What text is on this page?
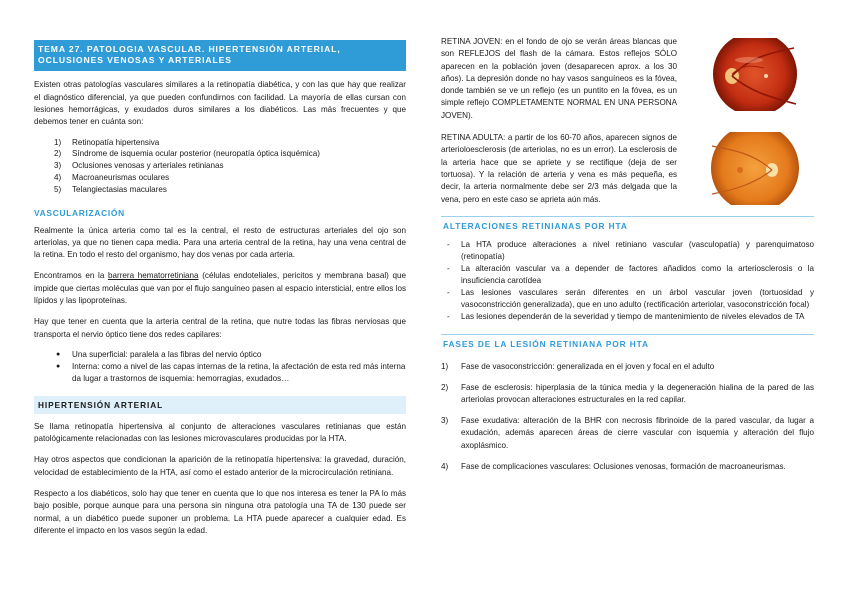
TEMA 27. PATOLOGIA VASCULAR. HIPERTENSIÓN ARTERIAL, OCLUSIONES VENOSAS Y ARTERIALES

Existen otras patologías vasculares similares a la retinopatía diabética, y con las que hay que realizar el diagnóstico diferencial, ya que pueden confundirnos con facilidad. La mayoría de ellas cursan con lesiones hemorrágicas, y exudados duros similares a los diabéticos. Las más frecuentes y que debemos tener en cuánta son:

1)	Retinopatía hipertensiva
2)	Síndrome de isquemia ocular posterior (neuropatía óptica isquémica)
3)	Oclusiones venosas y arteriales retinianas
4)	Macroaneurismas oculares
5)	Telangiectasias maculares
VASCULARIZACIÓN

Realmente la única arteria como tal es la central, el resto de estructuras arteriales del ojo son arteriolas, ya que no tienen capa media. Para una arteria central de la retina, hay una vena central de la retina. En todo el resto del organismo, hay dos venas por cada arteria.

Encontramos en la barrera hematorretiniana (células endoteliales, pericitos y membrana basal) que impide que ciertas moléculas que van por el flujo sanguíneo pasen al espacio intersticial, entre ellos los lípidos y las lipoproteínas.

Hay que tener en cuenta que la arteria central de la retina, que nutre todas las fibras nerviosas que transporta el nervio óptico tiene dos redes capilares:

●	Una superficial: paralela a las fibras del nervio óptico
●	Interna: como a nivel de las capas internas de la retina, la afectación de esta red más interna da lugar a trastornos de isquemia: hemorragias, exudados…
HIPERTENSIÓN ARTERIAL

Se llama retinopatía hipertensiva al conjunto de alteraciones vasculares retinianas que están patológicamente relacionadas con las lesiones microvasculares producidas por la HTA.

Hay otros aspectos que condicionan la aparición de la retinopatía hipertensiva: la gravedad, duración, velocidad de establecimiento de la HTA, así como el estado anterior de la microcirculación retiniana.

Respecto a los diabéticos, solo hay que tener en cuenta que lo que nos interesa es tener la PA lo más bajo posible, porque aunque para una persona sin ninguna otra patología una TA de 130 puede ser normal, a un diabético puede suponer un problema. La HTA puede aparecer a cualquier edad. Es diferente el impacto en los vasos según la edad.

RETINA JOVEN: en el fondo de ojo se verán áreas blancas que son REFLEJOS del flash de la cámara. Estos reflejos SÓLO aparecen en la población joven (desaparecen aprox. a los 30 años). La depresión donde no hay vasos sanguíneos es la fóvea, donde también se ve un reflejo (es un puntito en la fóvea, es un simple reflejo COMPLETAMENTE NORMAL EN UNA PERSONA JOVEN).

RETINA ADULTA: a partir de los 60-70 años, aparecen signos de arterioloesclerosis (de arteriolas, no es un error). La esclerosis de la arteria hace que se apriete y se rectifique (deja de ser tortuosa). Y la relación de arteria y vena es más pequeña, es decir, la arteria normalmente debe ser 2/3 más delgada que la vena, pero en este caso se aprieta aún más.

ALTERACIONES RETINIANAS POR HTA
-	La HTA produce alteraciones a nivel retiniano vascular (vasculopatía) y parenquimatoso (retinopatía)
-	La alteración vascular va a depender de factores añadidos como la arteriosclerosis o la insuficiencia carotídea
-	Las lesiones vasculares serán diferentes en un árbol vascular joven (tortuosidad y vasoconstricción generalizada), que en uno adulto (rectificación arteriolar, vasoconstricción focal)
-	Las lesiones dependerán de la severidad y tiempo de mantenimiento de niveles elevados de TA
FASES DE LA LESIÓN RETINIANA POR HTA
1)	Fase de vasoconstricción: generalizada en el joven y focal en el adulto
2)	Fase de esclerosis: hiperplasia de la túnica media y la degeneración hialina de la pared de las arteriolas provocan alteraciones estructurales en la red capilar.
3)	Fase exudativa: alteración de la BHR con necrosis fibrinoide de la pared vascular, da lugar a exudación, además aparecen áreas de cierre vascular con isquemia y alteración del flujo axoplásmico.
4)	Fase de complicaciones vasculares: Oclusiones venosas, formación de macroaneurismas.
